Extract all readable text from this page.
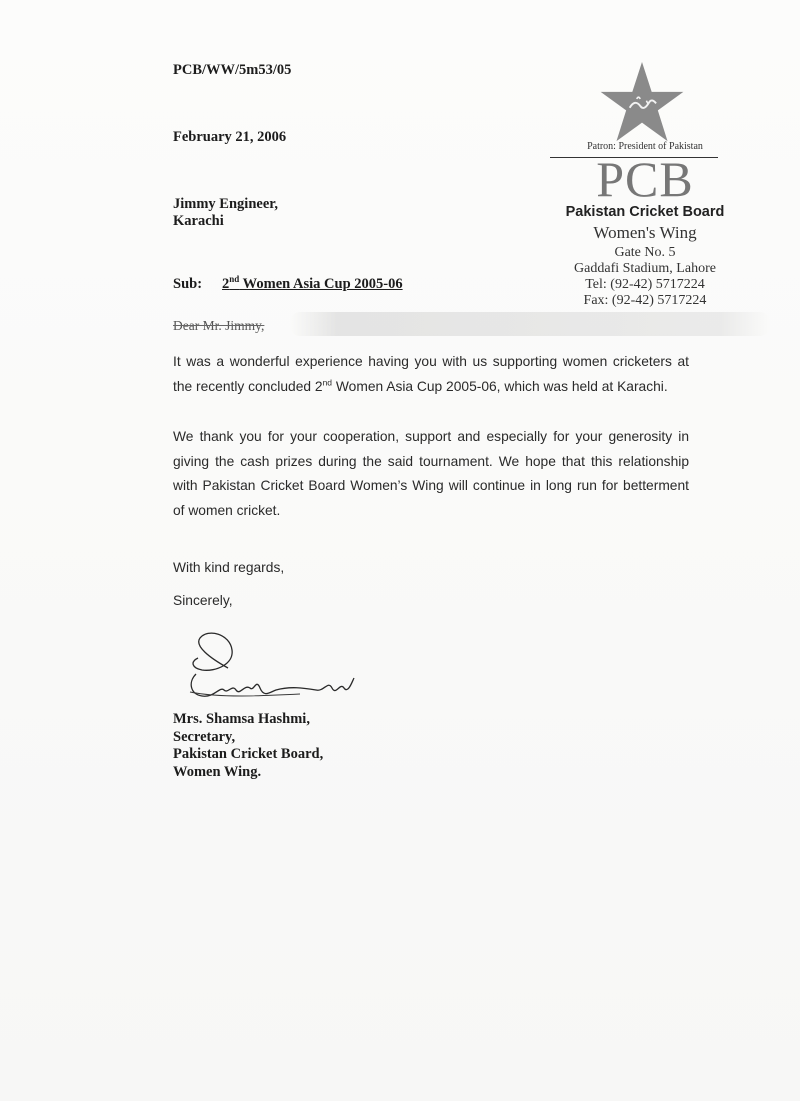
PCB/WW/5m53/05
February 21, 2006
Jimmy Engineer,
Karachi
Sub: 2nd Women Asia Cup 2005-06
Patron: President of Pakistan
PCB
Pakistan Cricket Board
Women's Wing
Gate No. 5
Gaddafi Stadium, Lahore
Tel: (92-42) 5717224
Fax: (92-42) 5717224
Dear Mr. Jimmy,
It was a wonderful experience having you with us supporting women cricketers at the recently concluded 2nd Women Asia Cup 2005-06, which was held at Karachi.
We thank you for your cooperation, support and especially for your generosity in giving the cash prizes during the said tournament. We hope that this relationship with Pakistan Cricket Board Women’s Wing will continue in long run for betterment of women cricket.
With kind regards,
Sincerely,
Mrs. Shamsa Hashmi,
Secretary,
Pakistan Cricket Board,
Women Wing.
